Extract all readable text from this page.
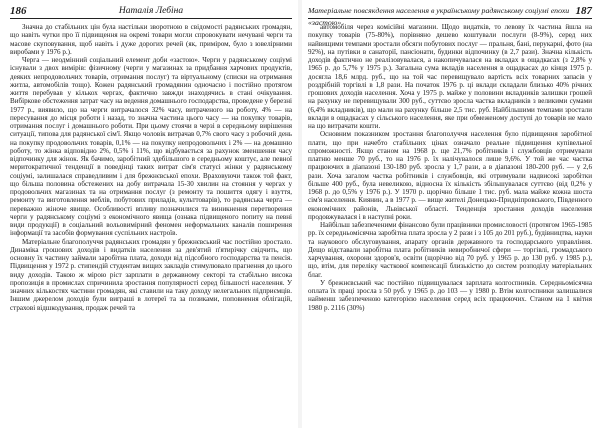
186	Наталія Лебіна

Значна до стабільних цін була настільки зворотною в свідомості радянських громадян, що навіть чутки про її підвищення на окремі товари могли спровокувати нечувані черги та масове скуповування, щоб навіть і дуже дорогих речей (як, приміром, було з ювелірними виробами у 1976 р.).

Черга — неодмінний соціальний елемент доби «застою». Черги у радянському соціумі існували з двох вимірів: фізичному (черги у магазинах за придбання харчових продуктів, деяких непродовольчих товарів, отримання послуг) та віртуальному (списки на отримання житла, автомобілів тощо). Кожен радянський громадянин одночасно і постійно протягом життя перебував у кількох чергах, фактично завжди знаходячись в стані очікування. Вибіркове обстеження затрат часу на ведення домашнього господарства, проведене у березні 1977 р., виявило, що на черги витрачалося 32% часу, витраченого на роботу, 4% — на пересування до місця роботи і назад, то значна частина цього часу — на покупку товарів, отримання послуг і домашнього роботи. При цьому стоячи в черзі в середньому вирішення ситуації, типова для радянської сім'ї. Якщо чоловік витрачав 0,7% свого часу з робочий день на покупку продовольчих товарів, 0,1% — на покупку непродовольчих і 2% — на домашню роботу, то жінка відповідно 2%, 0,5% і 11%, що відбувається за рахунок зменшення часу відпочинку для жінок. Як бачимо, заробітний здебільшого в середньому коштує, але певної меритократичної тенденції в поведінці таких витрат сім'я статусі жінки у радянському соціумі, залишалася справедливим і для брежнєвської епохи. Враховуючи також той факт, що більша половина обстежених на добу витрачала 15-30 хвилин на стояння у чергах у продовольчих магазинах та на отримання послуг (з ремонту та пошиття одягу і взуття, ремонту та виготовлення меблів, побутових приладів, культтоварів), то радянська черга — переважно жіноче явище. Особливості впливу позначилися та виникнення перетворення черги у радянському соціумі з економічного явища (ознака підвищеного попиту на певні види продукції) в соціальний вольовимірний феномен неформальних каналів поширення інформації та засобів формування суспільних настроїв.

Матеріальне благополуччя радянських громадян у брежнєвський час постійно зростало. Динаміка грошових доходів і видатків населення за дев'ятий п'ятирічку свідчить, що основну їх частину займали заробітна плата, доходи від підсобного господарства та пенсія. Підвищення у 1972 р. стипендій студентам вищих закладів стимулювало прагнення до цього виду доходів. Такою ж мірою ріст зарплати в державному секторі та стабільно висока пропозиція в промислах спричинила зростання популярності серед більшості населення. У значних кількостях частини громадян, які ставили на таку доходу нелегальних підприємців. Іншим джерелом доходів були виграші в лотереї та за позиками, поповнення облігацій, страхові відшкодування, продаж речей та

Матеріальне повсякдення населення в українському радянському соціумі епохи «застою»
187

автомобіля через комісійні магазини. Щодо видатків, то левову їх частина йшла на покупку товарів (75-80%), порівняно дешево коштували послуги (8-9%), серед них найвищими темпами зростали обсяги побутових послуг — пральня, бані, перукарні, фото (на 92%), на путівки в санаторії, пансіонати, будинки відпочинку (в 2,7 рази). Значна кількість доходів фактично не реалізовувалася, а накопичувалася на вкладах в ощадкасах (з 2,8% у 1965 р. до 5,7% у 1975 р.). Загальна сума вкладів населення в ощадкасах до кінця 1975 р. досягла 18,6 млрд. руб., що на той час перевищувало вартість всіх товарних запасів у роздрібній торгівлі в 1,8 рази. На початок 1976 р. ці вклади складали близько 40% річних грошових доходів населення. Хоча у 1975 р. майже у половини вкладників залишки грошей на рахунку не перевищували 300 руб., суттєво зросла частка вкладників з великими сумами (6,4% вкладників), що мали на рахунку більше 2,5 тис. руб. Найбільшими темпами зростали вклади в ощадкасах у сільського населення, яке при обмеженому доступі до товарів не мало на що витрачати кошти.

Основним показником зростання благополуччя населення було підвищення заробітної плати, що при начебто стабільних цінах означало реальне підвищення купівельної спроможності. Якщо станом на 1968 р. ще 21,7% робітників і службовців отримували платню менше 70 руб., то на 1976 р. їх налічувалося лише 9,6%. У той же час частка працюючих в діапазоні 130-180 руб. зросла у 1,7 рази, а в діапазоні 180-200 руб. — у 2,6 рази. Хоча загалом частка робітників і службовців, які отримували надвисокі заробітки більше 400 руб., була невеликою, відносна їх кількість збільшувалася суттєво (від 0,2% у 1968 р. до 0,5% у 1976 р.). У 1970 р. щорічно більше 1 тис. руб. мала майже кожна шоста сім'я населення. Киянин, а в 1977 р. — вище жителі Донецько-Придніпровського, Південного економічних районів, Львівської області. Тенденція зростання доходів населення продовжувалася і в наступні роки.

Найбільш забезпеченими фінансово були працівники промисловості (протягом 1965-1985 рр. їх середньомісячна заробітна плата зросла у 2 рази і з 105 до 201 руб.), будівництва, науки та наукового обслуговування, апарату органів державного та господарського управління. Дещо відставали заробітна плата робітників невиробничої сфери — торгівлі, громадського харчування, охорони здоров'я, освіти (щорічно від 70 руб. у 1965 р. до 130 руб. у 1985 р.), що, втім, для переліку часткової компенсації близькістю до систем розподілу матеріальних благ.

У брежнєвський час постійно підвищувалася зарплата колгоспників. Середньомісячна оплата їх праці зросла з 50 руб. у 1965 р. до 103 — у 1980 р. Втім колгоспники залишалися найменш забезпеченою категорією населення серед всіх працюючих. Станом на 1 квітня 1980 р. 2116 (30%)
